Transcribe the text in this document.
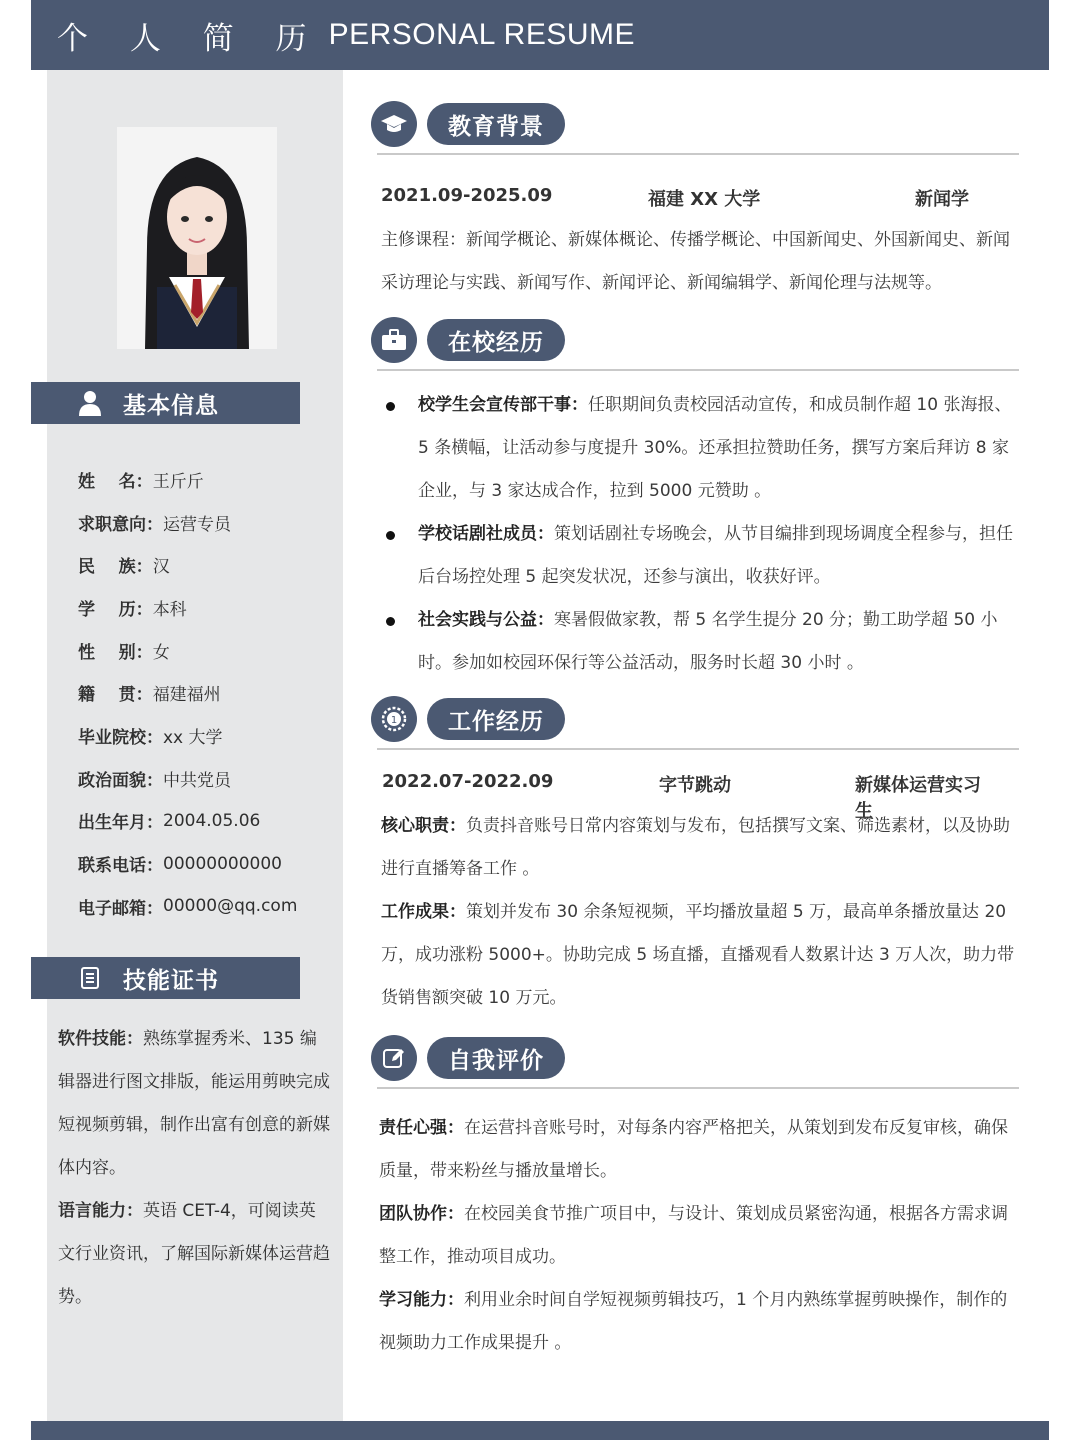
个 人 简 历 PERSONAL RESUME
基本信息
姓    名： 王斤斤
求职意向： 运营专员
民    族： 汉
学    历： 本科
性    别： 女
籍    贯： 福建福州
毕业院校： xx 大学
政治面貌： 中共党员
出生年月： 2004.05.06
联系电话： 00000000000
电子邮箱： 00000@qq.com
技能证书

软件技能：熟练掌握秀米、135 编辑器进行图文排版，能运用剪映完成短视频剪辑，制作出富有创意的新媒体内容。

语言能力：英语 CET-4，可阅读英文行业资讯，了解国际新媒体运营趋势。

教育背景
2021.09-2025.09	福建 XX 大学	新闻学
主修课程：新闻学概论、新媒体概论、传播学概论、中国新闻史、外国新闻史、新闻采访理论与实践、新闻写作、新闻评论、新闻编辑学、新闻伦理与法规等。
在校经历
校学生会宣传部干事：任职期间负责校园活动宣传，和成员制作超 10 张海报、5 条横幅，让活动参与度提升 30%。还承担拉赞助任务，撰写方案后拜访 8 家企业，与 3 家达成合作，拉到 5000 元赞助 。
学校话剧社成员：策划话剧社专场晚会，从节目编排到现场调度全程参与，担任后台场控处理 5 起突发状况，还参与演出，收获好评。
社会实践与公益：寒暑假做家教，帮 5 名学生提分 20 分；勤工助学超 50 小时。参加如校园环保行等公益活动，服务时长超 30 小时 。
1	工作经历
2022.07-2022.09	字节跳动	新媒体运营实习生
核心职责：负责抖音账号日常内容策划与发布，包括撰写文案、筛选素材，以及协助进行直播筹备工作 。
工作成果：策划并发布 30 余条短视频，平均播放量超 5 万，最高单条播放量达 20 万，成功涨粉 5000+。协助完成 5 场直播，直播观看人数累计达 3 万人次，助力带货销售额突破 10 万元。
自我评价
责任心强：在运营抖音账号时，对每条内容严格把关，从策划到发布反复审核，确保质量，带来粉丝与播放量增长。
团队协作：在校园美食节推广项目中，与设计、策划成员紧密沟通，根据各方需求调整工作，推动项目成功。
学习能力：利用业余时间自学短视频剪辑技巧，1 个月内熟练掌握剪映操作，制作的视频助力工作成果提升 。
